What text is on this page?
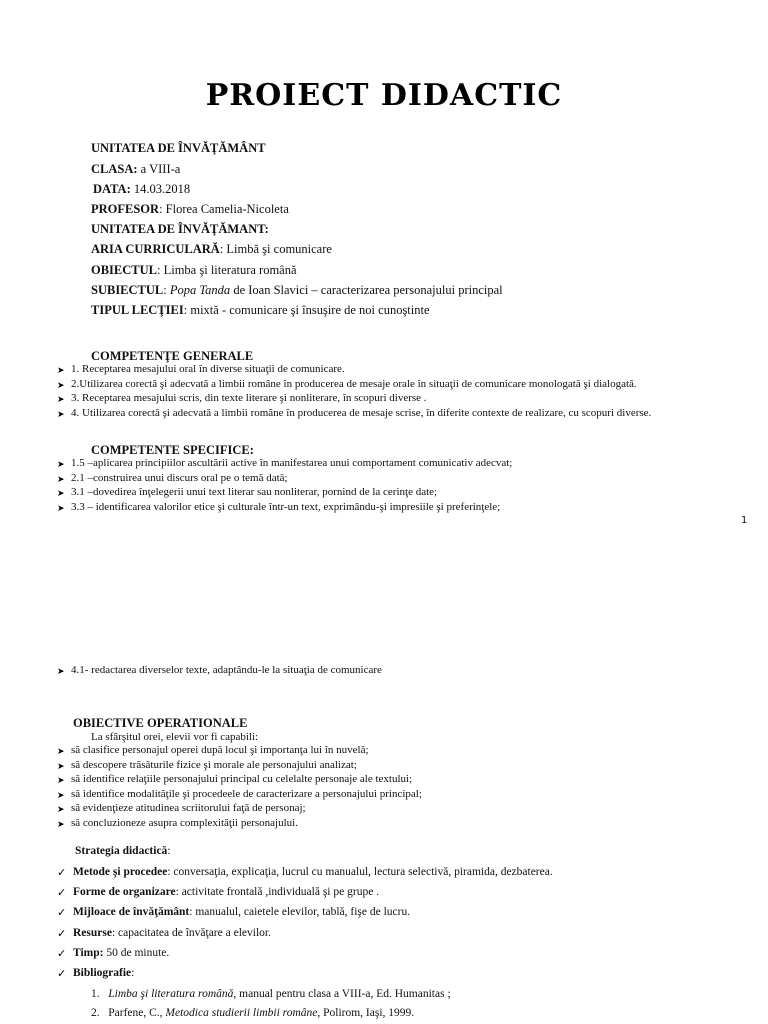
PROIECT DIDACTIC
UNITATEA DE ÎNVĂŢĂMÂNT
CLASA: a VIII-a
DATA: 14.03.2018
PROFESOR: Florea Camelia-Nicoleta
UNITATEA DE ÎNVĂŢĂMANT:
ARIA CURRICULARĂ: Limbă şi comunicare
OBIECTUL: Limba şi literatura română
SUBIECTUL: Popa Tanda de Ioan Slavici – caracterizarea personajului principal
TIPUL LECŢIEI: mixtă - comunicare şi însuşire de noi cunoştinte
COMPETENŢE GENERALE
➤ 1. Receptarea mesajului oral în diverse situaţii de comunicare.
➤ 2.Utilizarea corectă şi adecvată a limbii române în producerea de mesaje orale în situaţii de comunicare monologată şi dialogată.
➤ 3. Receptarea mesajului scris, din texte literare şi nonliterare, în scopuri diverse .
➤ 4. Utilizarea corectă şi adecvată a limbii române în producerea de mesaje scrise, în diferite contexte de realizare, cu scopuri diverse.
COMPETENTE SPECIFICE:
➤ 1.5 –aplicarea principiilor ascultării active în manifestarea unui comportament comunicativ adecvat;
➤ 2.1 –construirea unui discurs oral pe o temă dată;
➤ 3.1 –dovedirea înţelegerii unui text literar sau nonliterar, pornind de la cerinţe date;
➤ 3.3 – identificarea valorilor etice şi culturale într-un text, exprimându-şi impresiile şi preferinţele;
1
➤ 4.1- redactarea diverselor texte, adaptându-le la situaţia de comunicare
OBIECTIVE OPERATIONALE
La sfârşitul orei, elevii vor fi capabili:
➤ să clasifice personajul operei după locul şi importanţa lui în nuvelă;
➤ să descopere trăsăturile fizice şi morale ale personajului analizat;
➤ să identifice relaţiile personajului principal cu celelalte personaje ale textului;
➤ să identifice modalităţile şi procedeele de caracterizare a personajului principal;
➤ să evidenţieze atitudinea scriitorului faţă de personaj;
➤ să concluzioneze asupra complexităţii personajului.
Strategia didactică:
✓ Metode şi procedee: conversaţia, explicaţia, lucrul cu manualul, lectura selectivă, piramida, dezbaterea.
✓ Forme de organizare: activitate frontală ,individuală şi pe grupe .
✓ Mijloace de învăţământ: manualul, caietele elevilor, tablă, fişe de lucru.
✓ Resurse: capacitatea de învăţare a elevilor.
✓ Timp: 50 de minute.
✓ Bibliografie:
1. Limba şi literatura română, manual pentru clasa a VIII-a, Ed. Humanitas ;
2. Parfene, C., Metodica studierii limbii române, Polirom, Iaşi, 1999.
